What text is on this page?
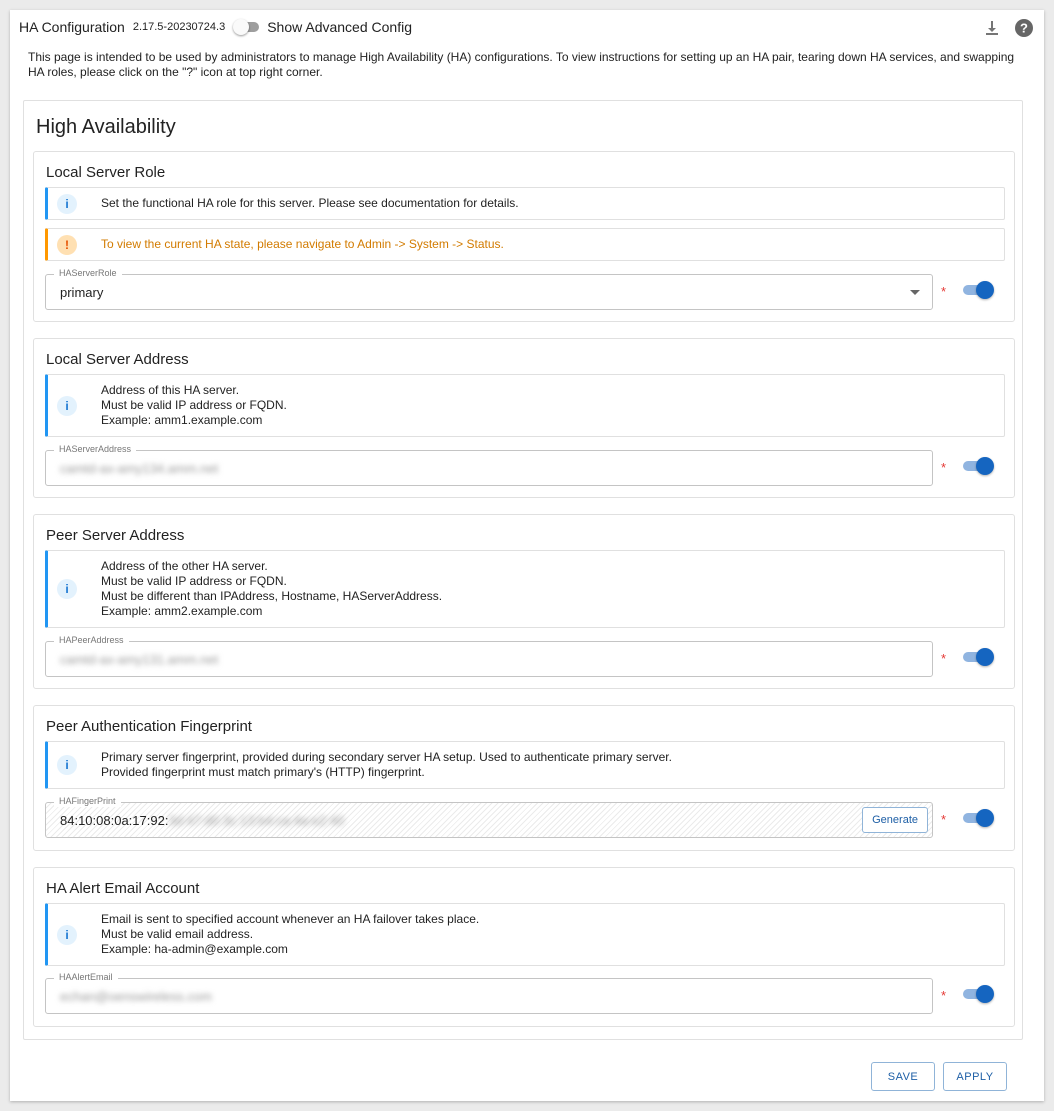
HA Configuration 2.17.5-20230724.3	Show Advanced Config	?
This page is intended to be used by administrators to manage High Availability (HA) configurations. To view instructions for setting up an HA pair, tearing down HA services, and swapping HA roles, please click on the "?" icon at top right corner.
High Availability
Local Server Role
i	Set the functional HA role for this server. Please see documentation for details.
!	To view the current HA state, please navigate to Admin -> System -> Status.
HAServerRole
primary	*
Local Server Address
i
Address of this HA server.
Must be valid IP address or FQDN.
Example: amm1.example.com
HAServerAddress
camtd-ax-amy134.amm.net	*
Peer Server Address
i
Address of the other HA server.
Must be valid IP address or FQDN.
Must be different than IPAddress, Hostname, HAServerAddress.
Example: amm2.example.com
HAPeerAddress
camtd-ax-amy131.amm.net	*
Peer Authentication Fingerprint
i
Primary server fingerprint, provided during secondary server HA setup. Used to authenticate primary server.
Provided fingerprint must match primary's (HTTP) fingerprint.
HAFingerPrint
84:10:08:0a:17:92:3d:47:d0:3c:13:b4:ca:4a:e2:40	Generate	*
HA Alert Email Account
i
Email is sent to specified account whenever an HA failover takes place.
Must be valid email address.
Example: ha-admin@example.com
HAAlertEmail
echan@oenswireless.com	*
SAVE	APPLY
